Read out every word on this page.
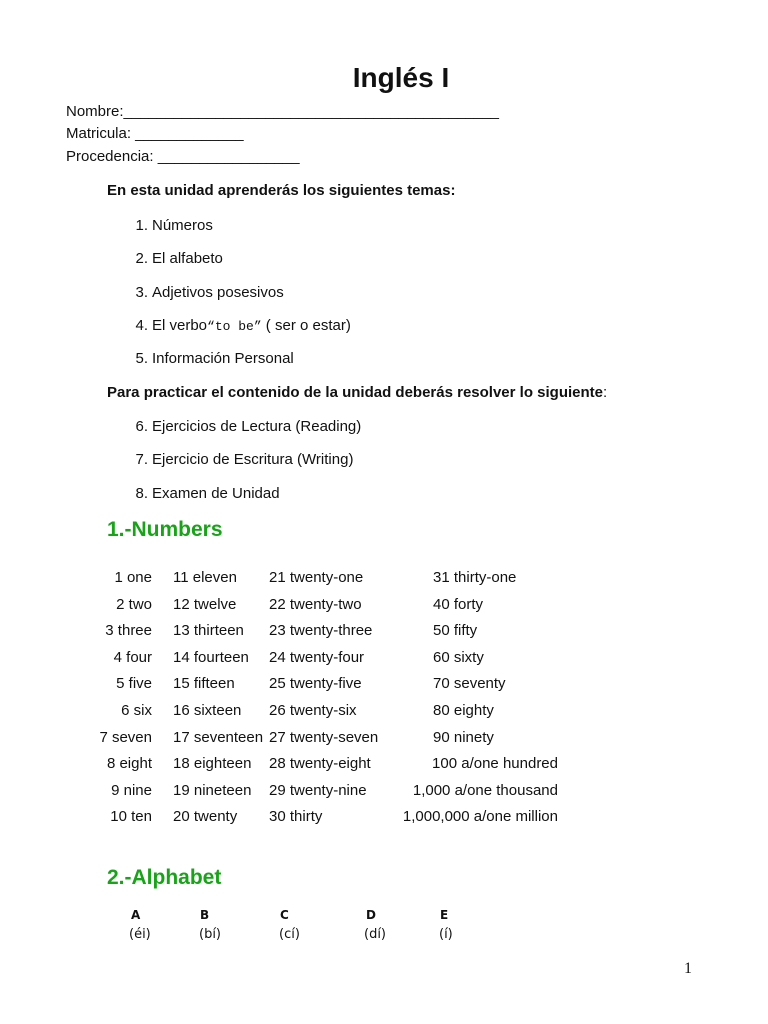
Inglés I
Nombre:_____________________________________________
Matricula: _____________
Procedencia: _________________
En esta unidad aprenderás los siguientes temas:
1. Números
2. El alfabeto
3. Adjetivos posesivos
4. El verbo“to be” ( ser o estar)
5. Información Personal
Para practicar el contenido de la unidad deberás resolver lo siguiente:
6. Ejercicios de Lectura (Reading)
7. Ejercicio de Escritura (Writing)
8. Examen de Unidad
1.-Numbers
1 one
2 two
3 three
4 four
5 five
6 six
7 seven
8 eight
9 nine
10 ten
11 eleven
12 twelve
13 thirteen
14 fourteen
15 fifteen
16 sixteen
17 seventeen
18 eighteen
19 nineteen
20 twenty
21 twenty-one
22 twenty-two
23 twenty-three
24 twenty-four
25 twenty-five
26 twenty-six
27 twenty-seven
28 twenty-eight
29 twenty-nine
30 thirty
31 thirty-one
40 forty
50 fifty
60 sixty
70 seventy
80 eighty
90 ninety
100 a/one hundred
1,000 a/one thousand
1,000,000 a/one million
2.-Alphabet
A
(éi)
B
(bí)
C
(cí)
D
(dí)
E
(í)
1
